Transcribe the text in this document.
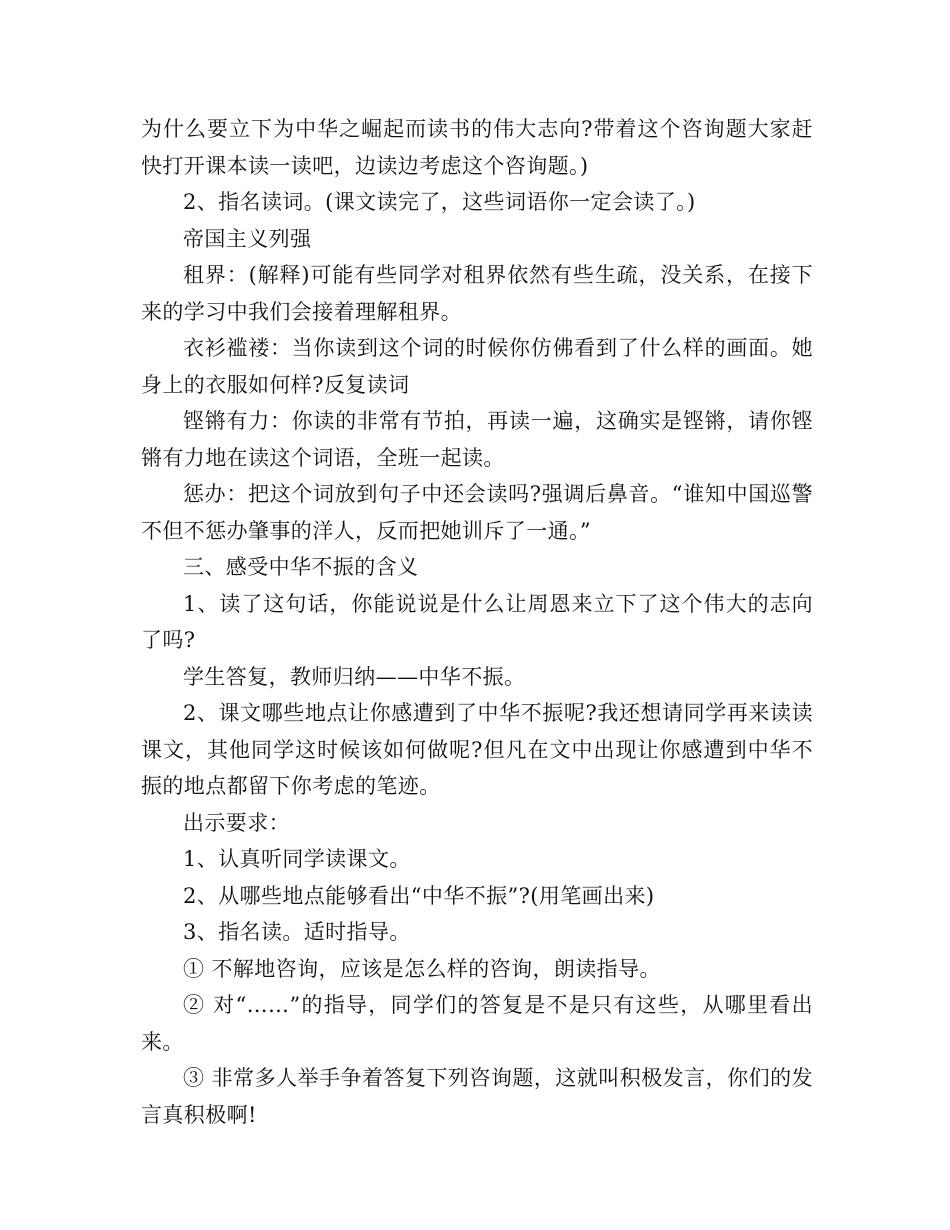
为什么要立下为中华之崛起而读书的伟大志向?带着这个咨询题大家赶快打开课本读一读吧，边读边考虑这个咨询题。)

2、指名读词。(课文读完了，这些词语你一定会读了。)

帝国主义列强

租界：(解释)可能有些同学对租界依然有些生疏，没关系，在接下来的学习中我们会接着理解租界。

衣衫褴褛：当你读到这个词的时候你仿佛看到了什么样的画面。她身上的衣服如何样?反复读词

铿锵有力：你读的非常有节拍，再读一遍，这确实是铿锵，请你铿锵有力地在读这个词语，全班一起读。

惩办：把这个词放到句子中还会读吗?强调后鼻音。“谁知中国巡警不但不惩办肇事的洋人，反而把她训斥了一通。”

三、感受中华不振的含义

1、读了这句话，你能说说是什么让周恩来立下了这个伟大的志向了吗?

学生答复，教师归纳——中华不振。

2、课文哪些地点让你感遭到了中华不振呢?我还想请同学再来读读课文，其他同学这时候该如何做呢?但凡在文中出现让你感遭到中华不振的地点都留下你考虑的笔迹。

出示要求：

1、认真听同学读课文。

2、从哪些地点能够看出“中华不振”?(用笔画出来)

3、指名读。适时指导。

① 不解地咨询，应该是怎么样的咨询，朗读指导。

② 对“……”的指导，同学们的答复是不是只有这些，从哪里看出来。

③ 非常多人举手争着答复下列咨询题，这就叫积极发言，你们的发言真积极啊!
